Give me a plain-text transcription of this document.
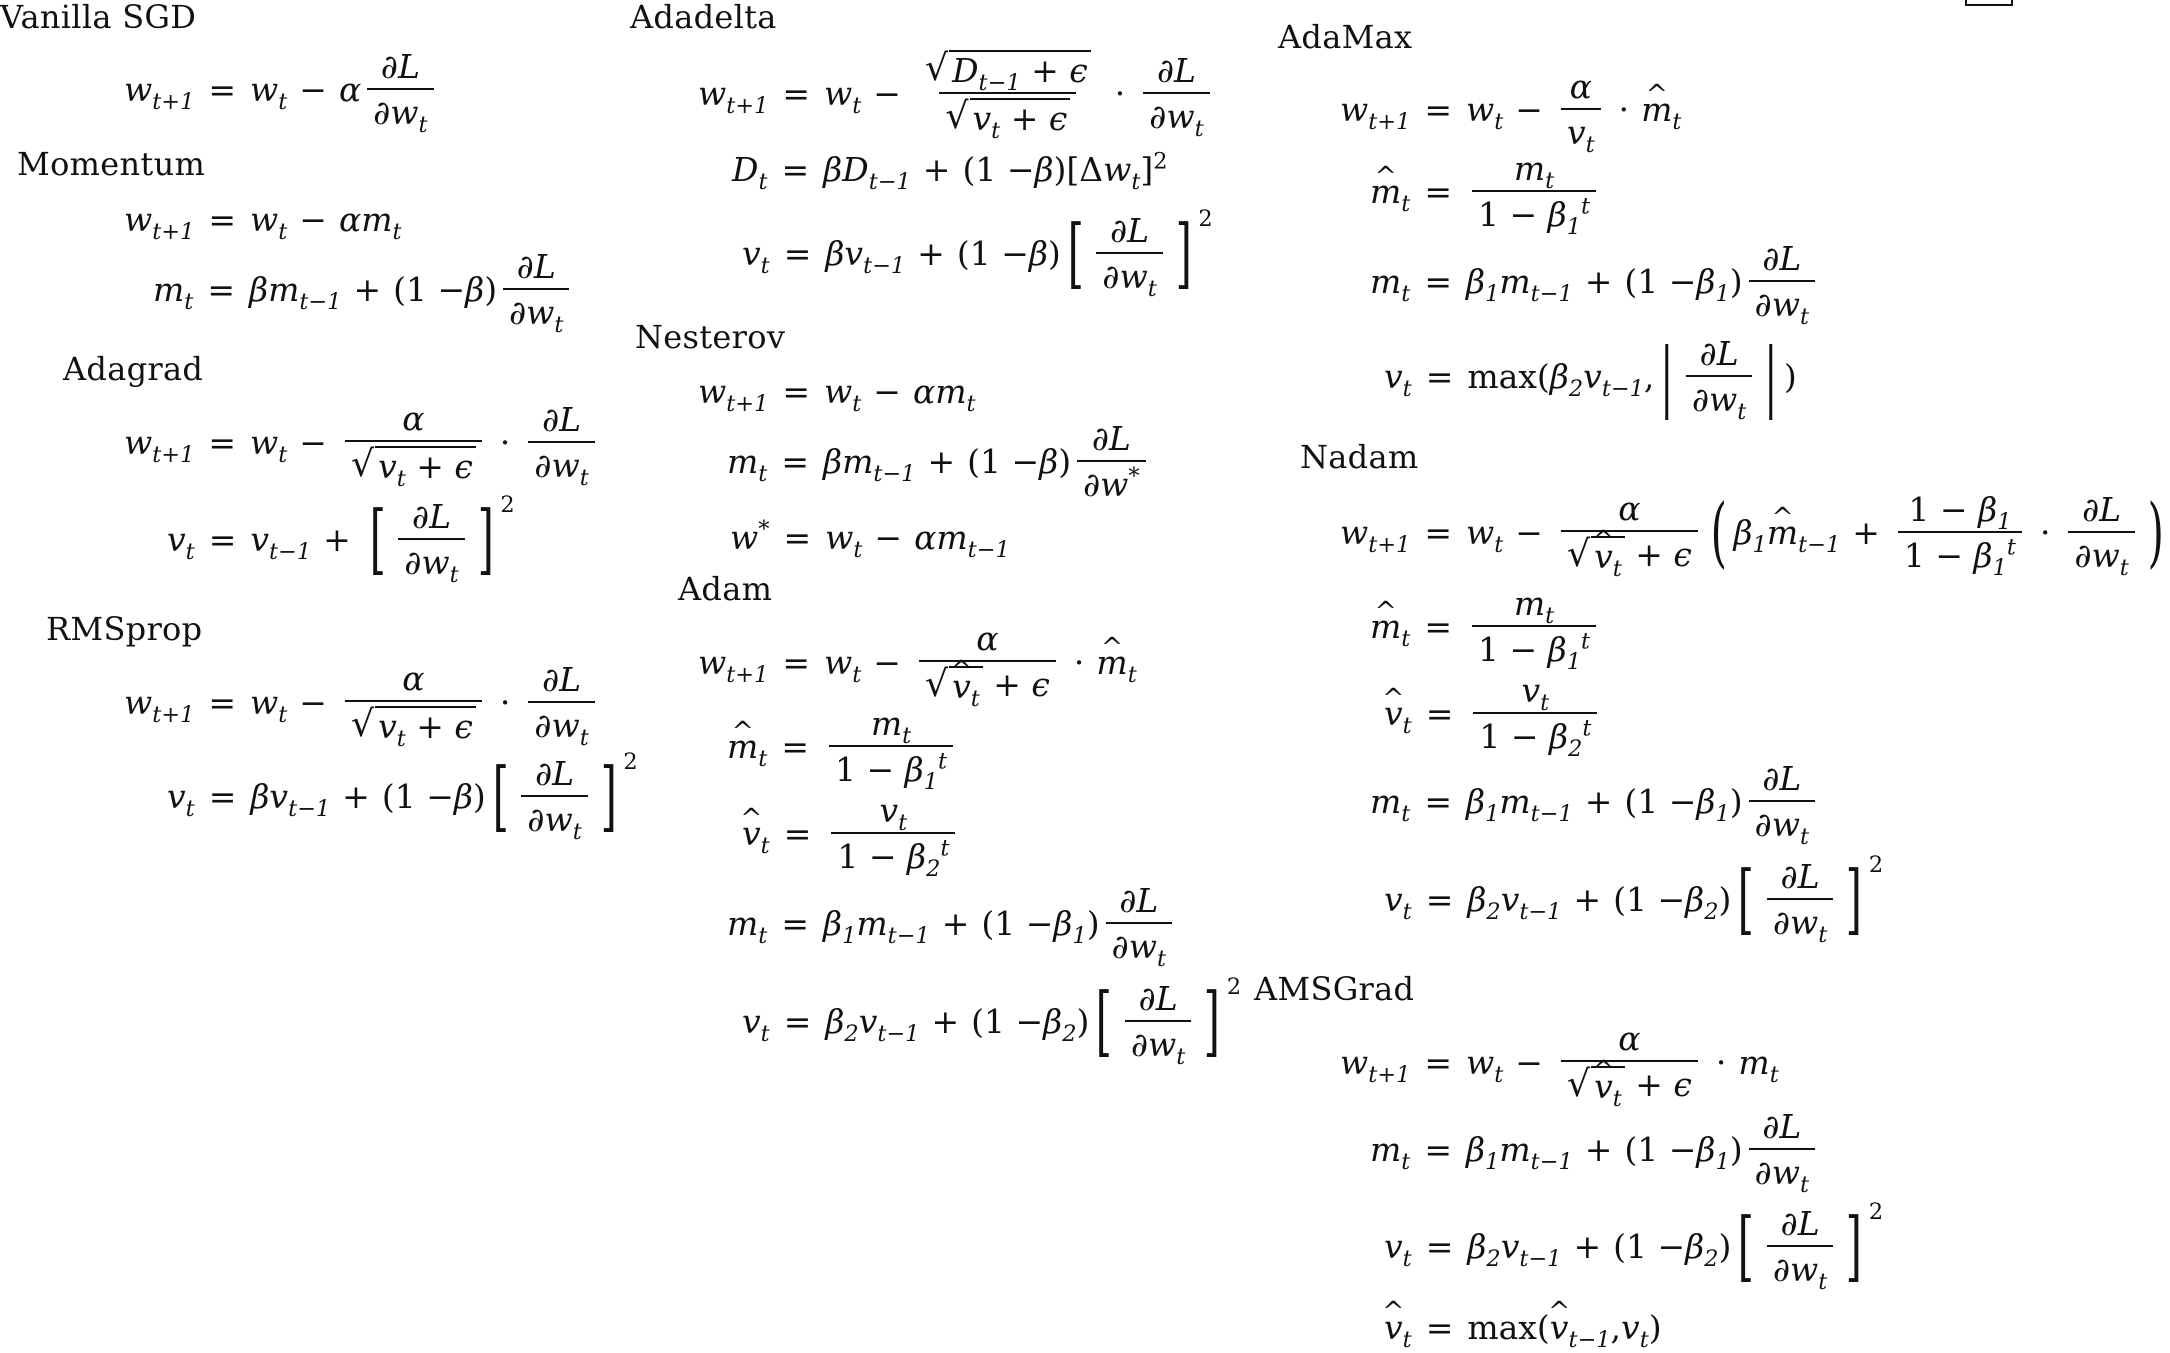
Vanilla SGD
$w_{t+1} = w_t - \alpha \frac{\partial L}{\partial w_t}$
Momentum
$w_{t+1} = w_t - \alpha m_t$
$m_t = \beta m_{t-1} + (1 - \beta$ ) $\frac{\partial L}{\partial w_t}$
Adagrad
$w_{t+1} = w_t - \frac{\alpha}{√ v_t + \epsilon} \cdot \frac{\partial L}{\partial w_t}$
$v_t = v_{t-1}$ + [ $\frac{\partial L}{\partial w_t}$ ] 2
RMSprop
$w_{t+1} = w_t - \frac{\alpha}{√ v_t + \epsilon} \cdot \frac{\partial L}{\partial w_t}$
$v_t = \beta v_{t-1} + (1 - \beta$ ) [ $\frac{\partial L}{\partial w_t}$ ] 2
Adadelta
$w_{t+1} = w_t - \frac{√ D_{t-1} + \epsilon}{√ v_t + \epsilon} \cdot \frac{\partial L}{\partial w_t}$
$D_t = \beta D_{t-1} + (1 - \beta$ )[Δ $w_t$ ]$^2$
$v_t = \beta v_{t-1} + (1 - \beta$ ) [ $\frac{\partial L}{\partial w_t}$ ] 2
Nesterov
$w_{t+1} = w_t - \alpha m_t$
$m_t = \beta m_{t-1} + (1 - \beta$ ) $\frac{\partial L}{\partial w^*}$
$w^* = w_t - \alpha m_{t-1}$
Adam
$w_{t+1} = w_t - \frac{\alpha}{√ v \^{}_t + \epsilon} \cdot m$ $\^{}_t$
m $\^{}_t = \frac{m_t}{1 - \beta_1^t}$
v $\^{}_t = \frac{v_t}{1 - \beta_2^t}$
$m_t = \beta_1m_{t-1} + (1 - \beta_1$ ) $\frac{\partial L}{\partial w_t}$
$v_t = \beta_2v_{t-1} + (1 - \beta_2$ ) [ $\frac{\partial L}{\partial w_t}$ ] 2
AdaMax
$w_{t+1} = w_t - \frac{\alpha}{v_t} \cdot m$ $\^{}_t$
m $\^{}_t = \frac{m_t}{1 - \beta_1^t}$
$m_t = \beta_1m_{t-1} + (1 - \beta_1$ ) $\frac{\partial L}{\partial w_t}$
$v_t = \max$( $\beta_2v_{t-1}$ , | $\frac{\partial L}{\partial w_t}$ | )
Nadam
$w_{t+1} = w_t - \frac{\alpha}{√ v \^{}_t + \epsilon}$ ( $\beta_1m$ $\^{}_{t-1} + \frac{1 - \beta_1}{1 - \beta_1^t} \cdot \frac{\partial L}{\partial w_t}$ )
m $\^{}_t = \frac{m_t}{1 - \beta_1^t}$
v $\^{}_t = \frac{v_t}{1 - \beta_2^t}$
$m_t = \beta_1m_{t-1} + (1 - \beta_1$ ) $\frac{\partial L}{\partial w_t}$
$v_t = \beta_2v_{t-1} + (1 - \beta_2$ ) [ $\frac{\partial L}{\partial w_t}$ ] 2
AMSGrad
$w_{t+1} = w_t - \frac{\alpha}{√ v \^{}_t + \epsilon} \cdot m_t$
$m_t = \beta_1m_{t-1} + (1 - \beta_1$ ) $\frac{\partial L}{\partial w_t}$
$v_t = \beta_2v_{t-1} + (1 - \beta_2$ ) [ $\frac{\partial L}{\partial w_t}$ ] 2
v $\^{}_t = \max$( v $\^{}_{t-1}$ , $v_t$ )
